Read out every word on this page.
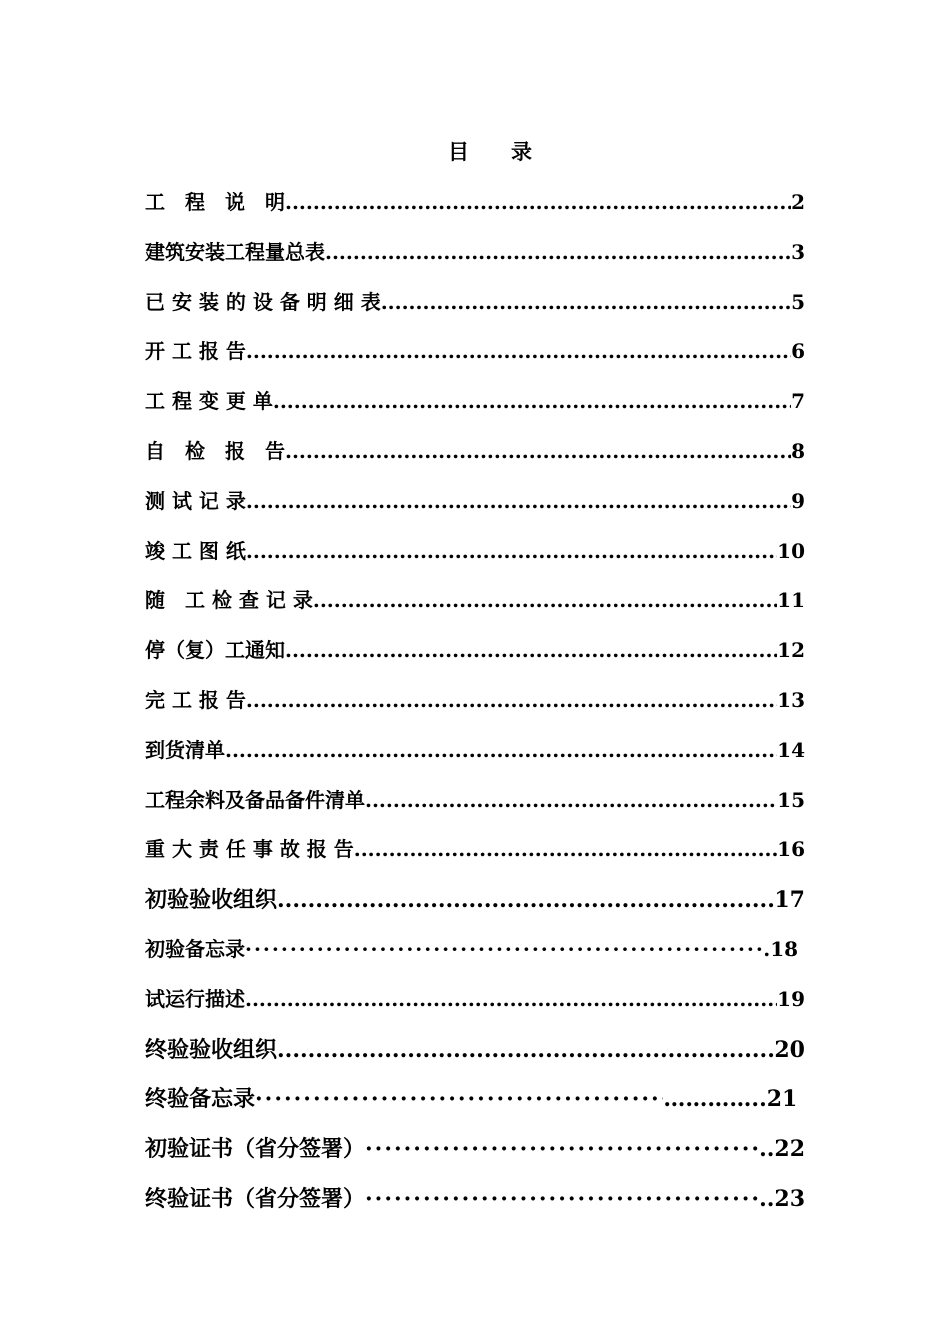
目　　录
工　程　说　明 .....	2
建筑安装工程量总表 .....	3
已 安 装 的 设 备 明 细 表 .....	5
开 工 报 告 .....	6
工 程 变 更 单 .....	7
自　检　报　告 .....	8
测 试 记 录 .....	9
竣 工 图 纸 .....	10
随　工 检 查 记 录 .....	11
停（复）工通知 .....	12
完 工 报 告 .....	13
到货清单 .....	14
工程余料及备品备件清单 .....	15
重 大 责 任 事 故 报 告 .....	16
初验验收组织 .....	17
初验备忘录 ·····	.18
试运行描述 .....	19
终验验收组织 .....	20
终验备忘录 ·····	…………..21
初验证书（省分签署） ·····	..22
终验证书（省分签署） ·····	..23
